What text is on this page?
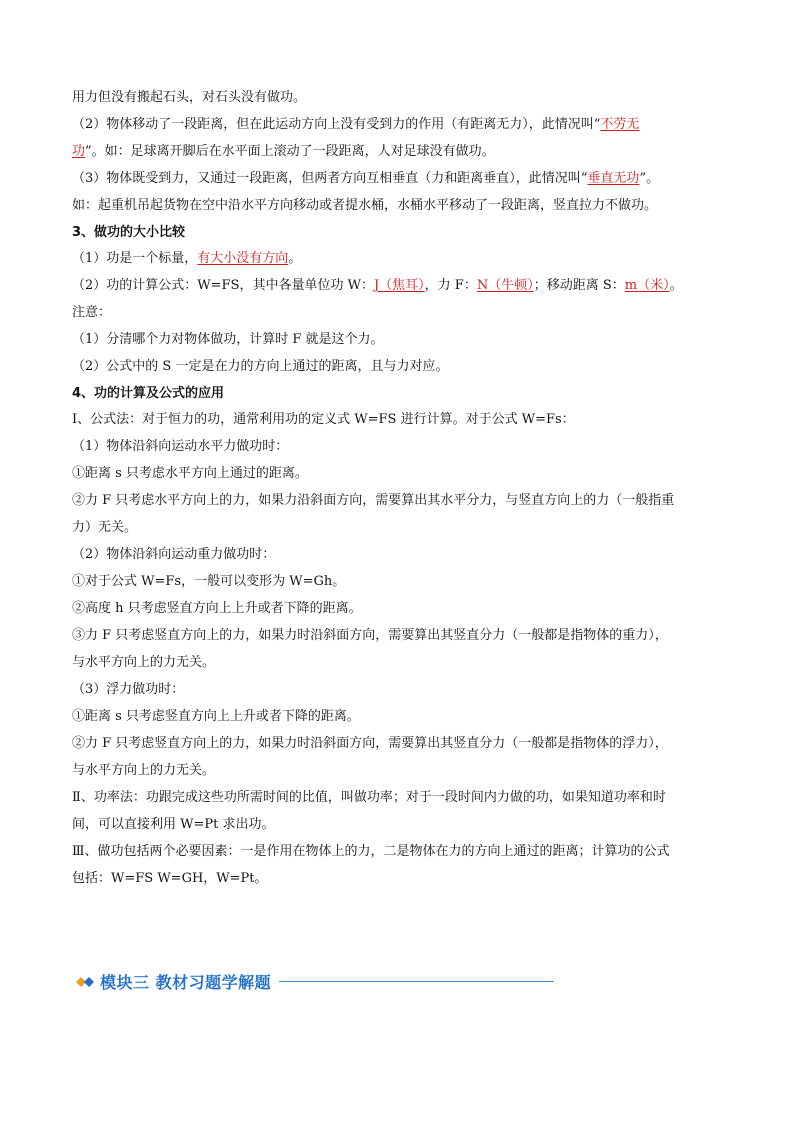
用力但没有搬起石头，对石头没有做功。

（2）物体移动了一段距离，但在此运动方向上没有受到力的作用（有距离无力），此情况叫“不劳无

功”。如：足球离开脚后在水平面上滚动了一段距离，人对足球没有做功。

（3）物体既受到力，又通过一段距离，但两者方向互相垂直（力和距离垂直），此情况叫“垂直无功”。

如：起重机吊起货物在空中沿水平方向移动或者提水桶，水桶水平移动了一段距离，竖直拉力不做功。

3、做功的大小比较

（1）功是一个标量，有大小没有方向。

（2）功的计算公式：W=FS，其中各量单位功 W：J（焦耳），力 F：N（牛顿）；移动距离 S：m（米）。

注意：

（1）分清哪个力对物体做功，计算时 F 就是这个力。

（2）公式中的 S 一定是在力的方向上通过的距离，且与力对应。

4、功的计算及公式的应用

Ⅰ、公式法：对于恒力的功，通常利用功的定义式 W=FS 进行计算。对于公式 W=Fs：

（1）物体沿斜向运动水平力做功时：

①距离 s 只考虑水平方向上通过的距离。

②力 F 只考虑水平方向上的力，如果力沿斜面方向，需要算出其水平分力，与竖直方向上的力（一般指重

力）无关。

（2）物体沿斜向运动重力做功时：

①对于公式 W=Fs，一般可以变形为 W=Gh。

②高度 h 只考虑竖直方向上上升或者下降的距离。

③力 F 只考虑竖直方向上的力，如果力时沿斜面方向，需要算出其竖直分力（一般都是指物体的重力），

与水平方向上的力无关。

（3）浮力做功时：

①距离 s 只考虑竖直方向上上升或者下降的距离。

②力 F 只考虑竖直方向上的力，如果力时沿斜面方向，需要算出其竖直分力（一般都是指物体的浮力），

与水平方向上的力无关。

Ⅱ、功率法：功跟完成这些功所需时间的比值，叫做功率；对于一段时间内力做的功，如果知道功率和时

间，可以直接利用 W=Pt 求出功。

Ⅲ、做功包括两个必要因素：一是作用在物体上的力，二是物体在力的方向上通过的距离；计算功的公式

包括：W=FS W=GH，W=Pt。

模块三 教材习题学解题
